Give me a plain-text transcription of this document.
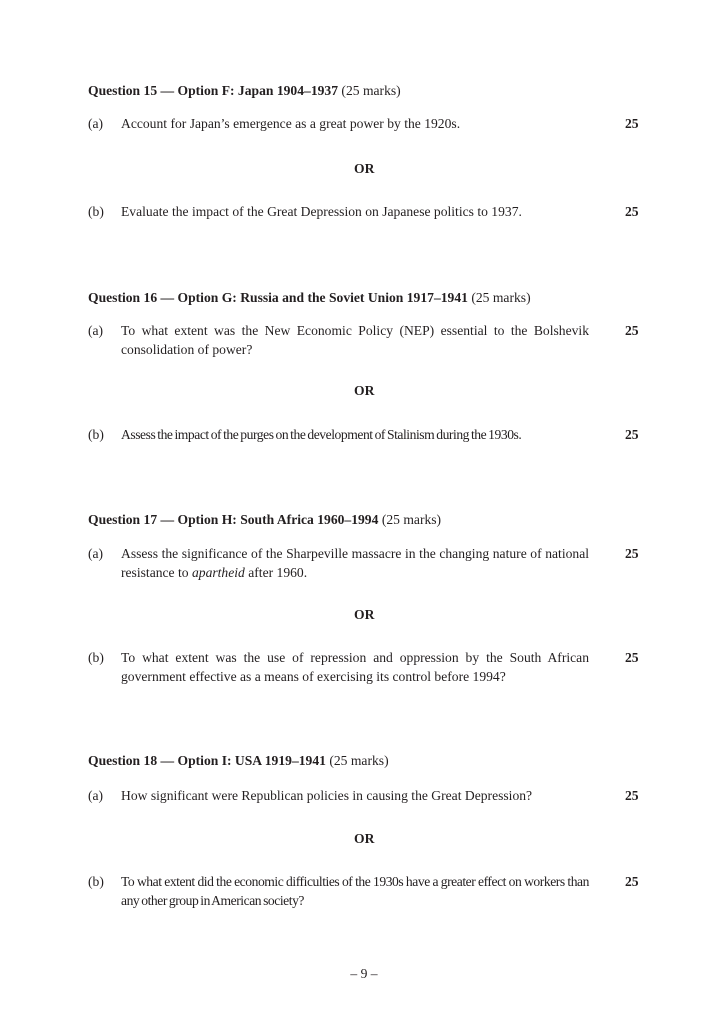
Question 15 — Option F: Japan 1904–1937 (25 marks)

(a) Account for Japan’s emergence as a great power by the 1920s.	25
OR
(b) Evaluate the impact of the Great Depression on Japanese politics to 1937.	25

Question 16 — Option G: Russia and the Soviet Union 1917–1941 (25 marks)

(a) To what extent was the New Economic Policy (NEP) essential to the Bolshevik consolidation of power?
25
OR
(b) Assess the impact of the purges on the development of Stalinism during the 1930s.	25

Question 17 — Option H: South Africa 1960–1994 (25 marks)

(a) Assess the significance of the Sharpeville massacre in the changing nature of national resistance to apartheid after 1960.
25
OR
(b) To what extent was the use of repression and oppression by the South African government effective as a means of exercising its control before 1994?
25

Question 18 — Option I: USA 1919–1941 (25 marks)

(a) How significant were Republican policies in causing the Great Depression?	25
OR
(b) To what extent did the economic difficulties of the 1930s have a greater effect on workers than any other group in American society?
25
– 9 –
